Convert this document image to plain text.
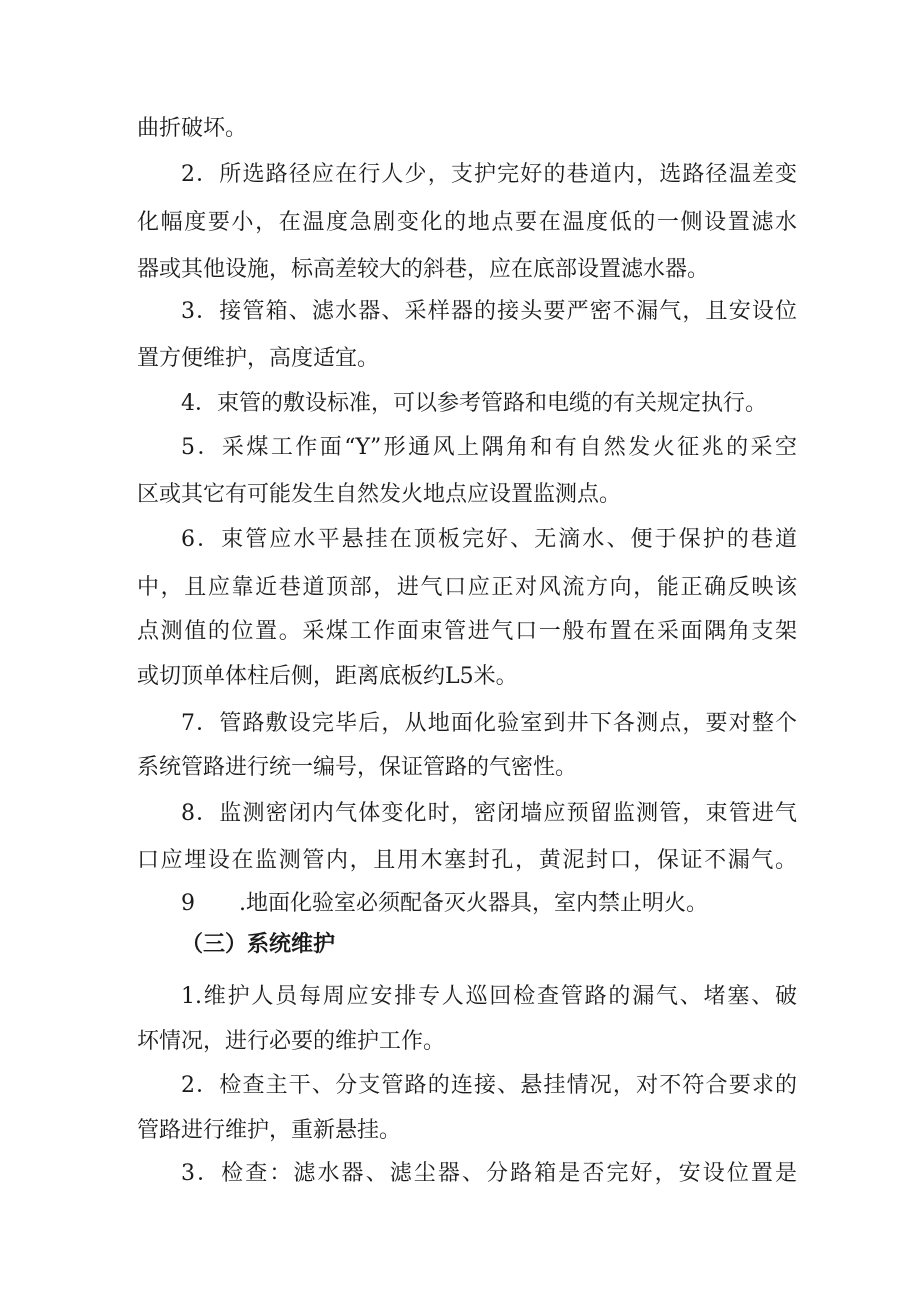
曲折破坏。
2．所选路径应在行人少，支护完好的巷道内，选路径温差变
化幅度要小，在温度急剧变化的地点要在温度低的一侧设置滤水
器或其他设施，标高差较大的斜巷，应在底部设置滤水器。
3．接管箱、滤水器、采样器的接头要严密不漏气，且安设位
置方便维护，高度适宜。
4．束管的敷设标准，可以参考管路和电缆的有关规定执行。
5．采煤工作面“Y”形通风上隅角和有自然发火征兆的采空
区或其它有可能发生自然发火地点应设置监测点。
6．束管应水平悬挂在顶板完好、无滴水、便于保护的巷道
中，且应靠近巷道顶部，进气口应正对风流方向，能正确反映该
点测值的位置。采煤工作面束管进气口一般布置在采面隅角支架
或切顶单体柱后侧，距离底板约L5米。
7．管路敷设完毕后，从地面化验室到井下各测点，要对整个
系统管路进行统一编号，保证管路的气密性。
8．监测密闭内气体变化时，密闭墙应预留监测管，束管进气
口应埋设在监测管内，且用木塞封孔，黄泥封口，保证不漏气。
9　　.地面化验室必须配备灭火器具，室内禁止明火。
（三）系统维护
1.维护人员每周应安排专人巡回检查管路的漏气、堵塞、破
坏情况，进行必要的维护工作。
2．检查主干、分支管路的连接、悬挂情况，对不符合要求的
管路进行维护，重新悬挂。
3．检查：滤水器、滤尘器、分路箱是否完好，安设位置是
